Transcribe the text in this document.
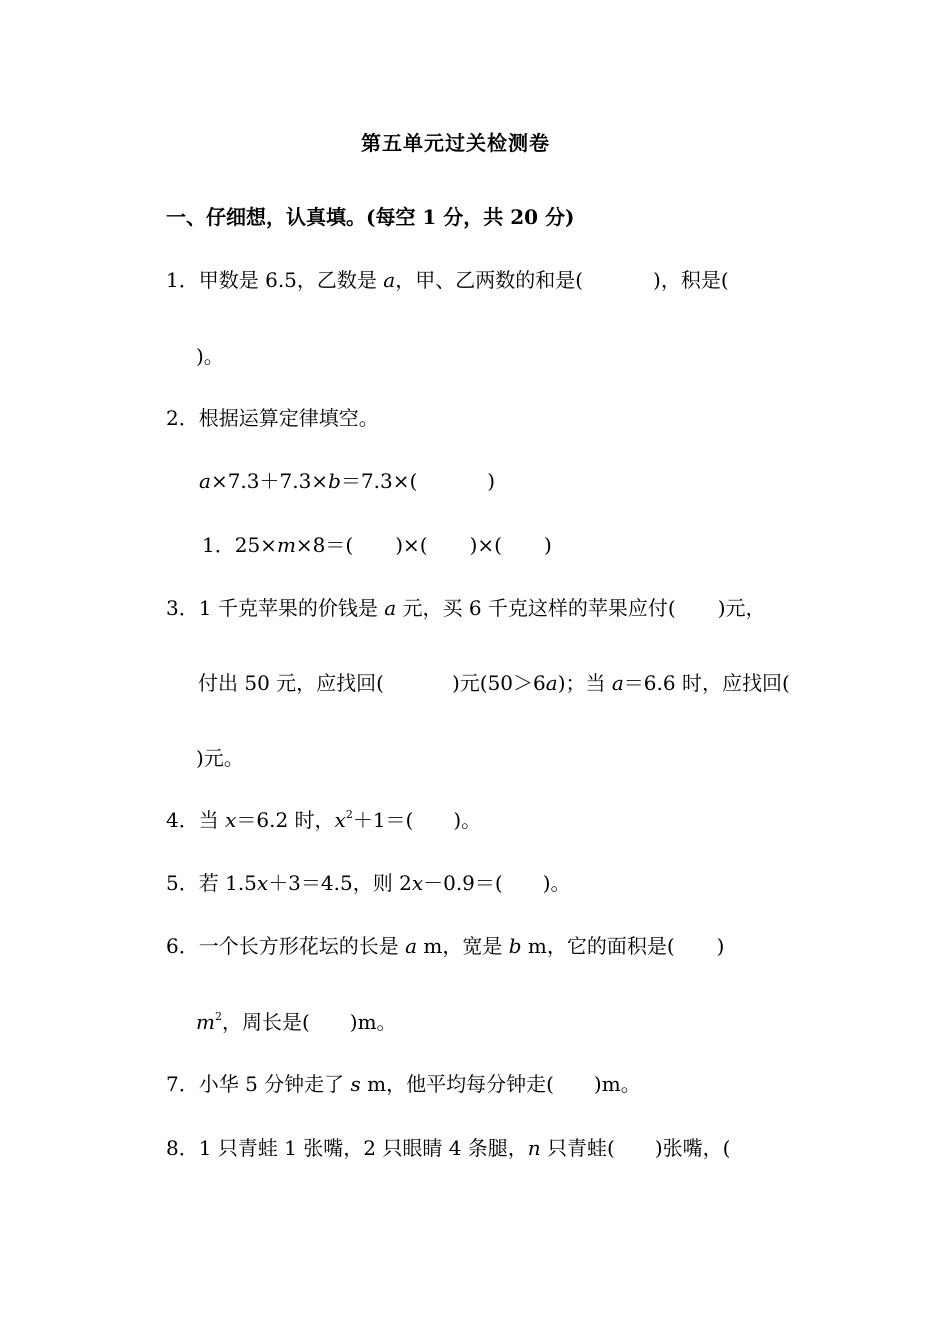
第五单元过关检测卷
一、仔细想，认真填。(每空 1 分，共 20 分)
1．甲数是 6.5，乙数是 a，甲、乙两数的和是(	)，积是(
)。
2．根据运算定律填空。
a×7.3＋7.3×b＝7.3×(	)
1．25×m×8＝( )×( )×( )
3．1 千克苹果的价钱是 a 元，买 6 千克这样的苹果应付( )元，
付出 50 元，应找回(	)元(50＞6a)；当 a＝6.6 时，应找回(
)元。
4．当 x＝6.2 时，$x^2+1=$( )。
5．若 1.5x＋3＝4.5，则 2x－0.9＝( )。
6．一个长方形花坛的长是 a m，宽是 b m，它的面积是( )
$m^2$，周长是( )m。
7．小华 5 分钟走了 s m，他平均每分钟走( )m。
8．1 只青蛙 1 张嘴，2 只眼睛 4 条腿，n 只青蛙( )张嘴，(
